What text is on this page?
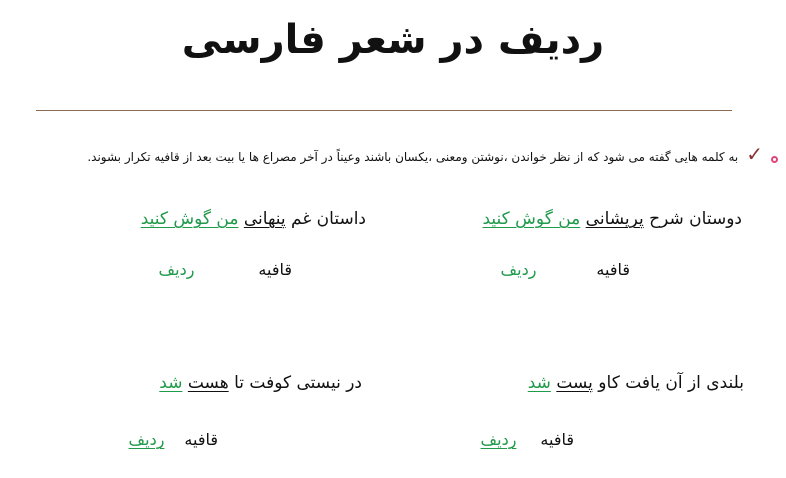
ردیف در شعر فارسی
✓
به کلمه هایی گفته می شود که از نظر خواندن ،نوشتن ومعنی ،یکسان باشند وعیناً در آخر مصراع ها یا بیت بعد از قافیه تکرار بشوند.
دوستان شرح پریشانی من گوش کنید
قافیهردیف
داستان غم پنهانی من گوش کنید
قافیهردیف
بلندی از آن یافت کاو پست شد
قافیهردیف
در نیستی کوفت تا هست شد
قافیهردیف
